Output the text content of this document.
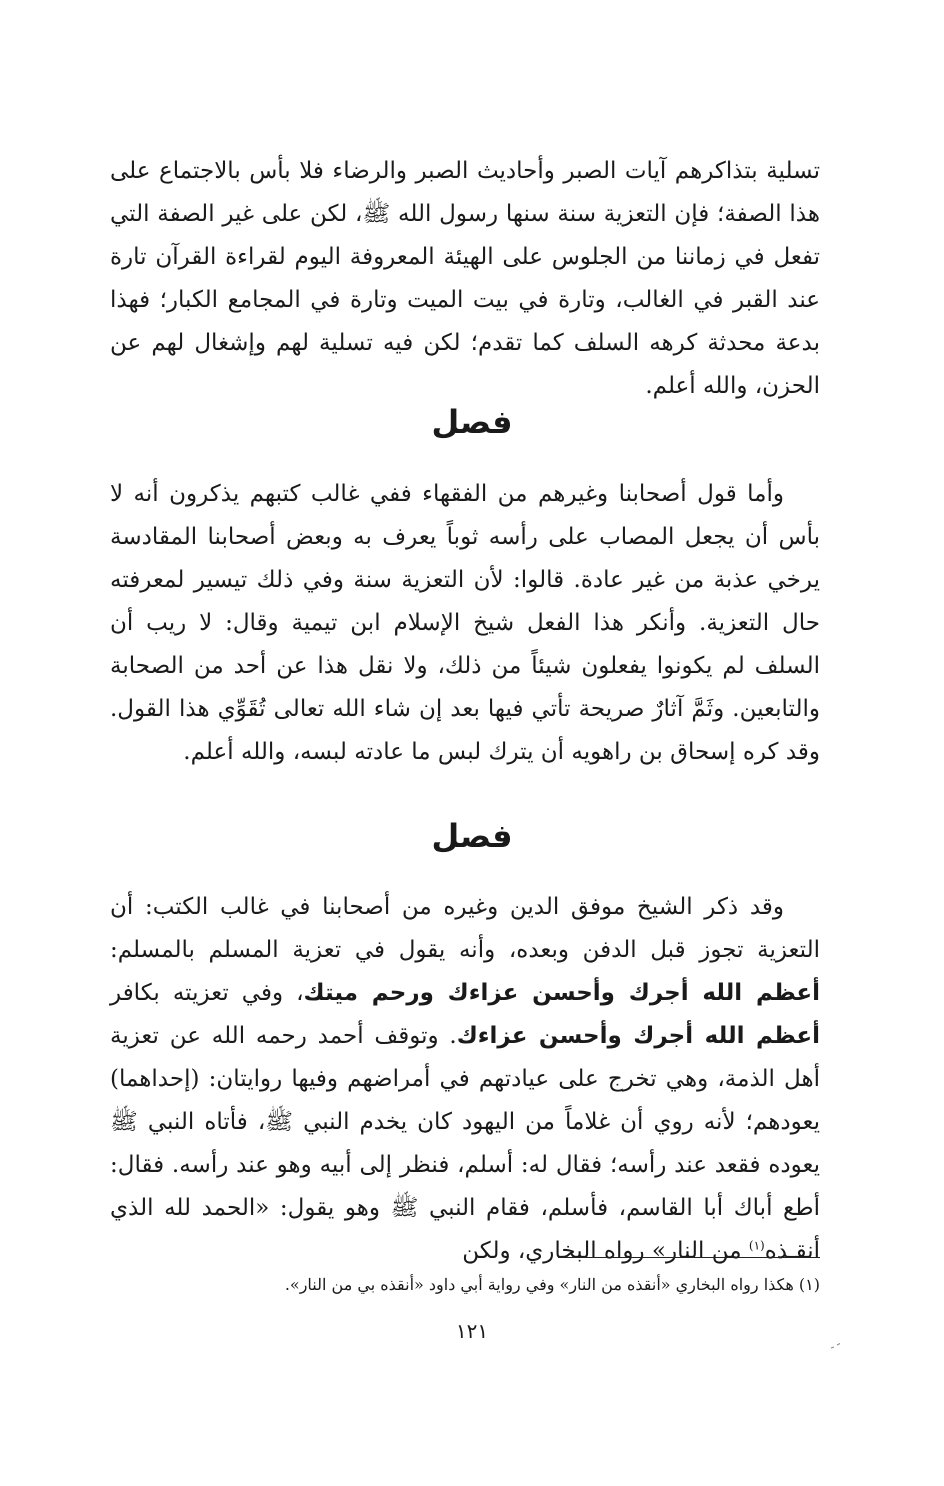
تسلية بتذاكرهم آيات الصبر وأحاديث الصبر والرضاء فلا بأس بالاجتماع على هذا الصفة؛ فإن التعزية سنة سنها رسول الله ﷺ، لكن على غير الصفة التي تفعل في زماننا من الجلوس على الهيئة المعروفة اليوم لقراءة القرآن تارة عند القبر في الغالب، وتارة في بيت الميت وتارة في المجامع الكبار؛ فهذا بدعة محدثة كرهه السلف كما تقدم؛ لكن فيه تسلية لهم وإشغال لهم عن الحزن، والله أعلم.
فصل
وأما قول أصحابنا وغيرهم من الفقهاء ففي غالب كتبهم يذكرون أنه لا بأس أن يجعل المصاب على رأسه ثوباً يعرف به وبعض أصحابنا المقادسة يرخي عذبة من غير عادة. قالوا: لأن التعزية سنة وفي ذلك تيسير لمعرفته حال التعزية. وأنكر هذا الفعل شيخ الإسلام ابن تيمية وقال: لا ريب أن السلف لم يكونوا يفعلون شيئاً من ذلك، ولا نقل هذا عن أحد من الصحابة والتابعين. وثَمَّ آثارٌ صريحة تأتي فيها بعد إن شاء الله تعالى تُقَوِّي هذا القول. وقد كره إسحاق بن راهويه أن يترك لبس ما عادته لبسه، والله أعلم.
فصل
وقد ذكر الشيخ موفق الدين وغيره من أصحابنا في غالب الكتب: أن التعزية تجوز قبل الدفن وبعده، وأنه يقول في تعزية المسلم بالمسلم: أعظم الله أجرك وأحسن عزاءك ورحم ميتك، وفي تعزيته بكافر أعظم الله أجرك وأحسن عزاءك. وتوقف أحمد رحمه الله عن تعزية أهل الذمة، وهي تخرج على عيادتهم في أمراضهم وفيها روايتان: (إحداهما) يعودهم؛ لأنه روي أن غلاماً من اليهود كان يخدم النبي ﷺ، فأتاه النبي ﷺ يعوده فقعد عند رأسه؛ فقال له: أسلم، فنظر إلى أبيه وهو عند رأسه. فقال: أطع أباك أبا القاسم، فأسلم، فقام النبي ﷺ وهو يقول: «الحمد لله الذي أنقـذه$^{(١)}$ من النار» رواه البخاري، ولكن
(١) هكذا رواه البخاري «أنقذه من النار» وفي رواية أبي داود «أنقذه بي من النار».
١٢١
